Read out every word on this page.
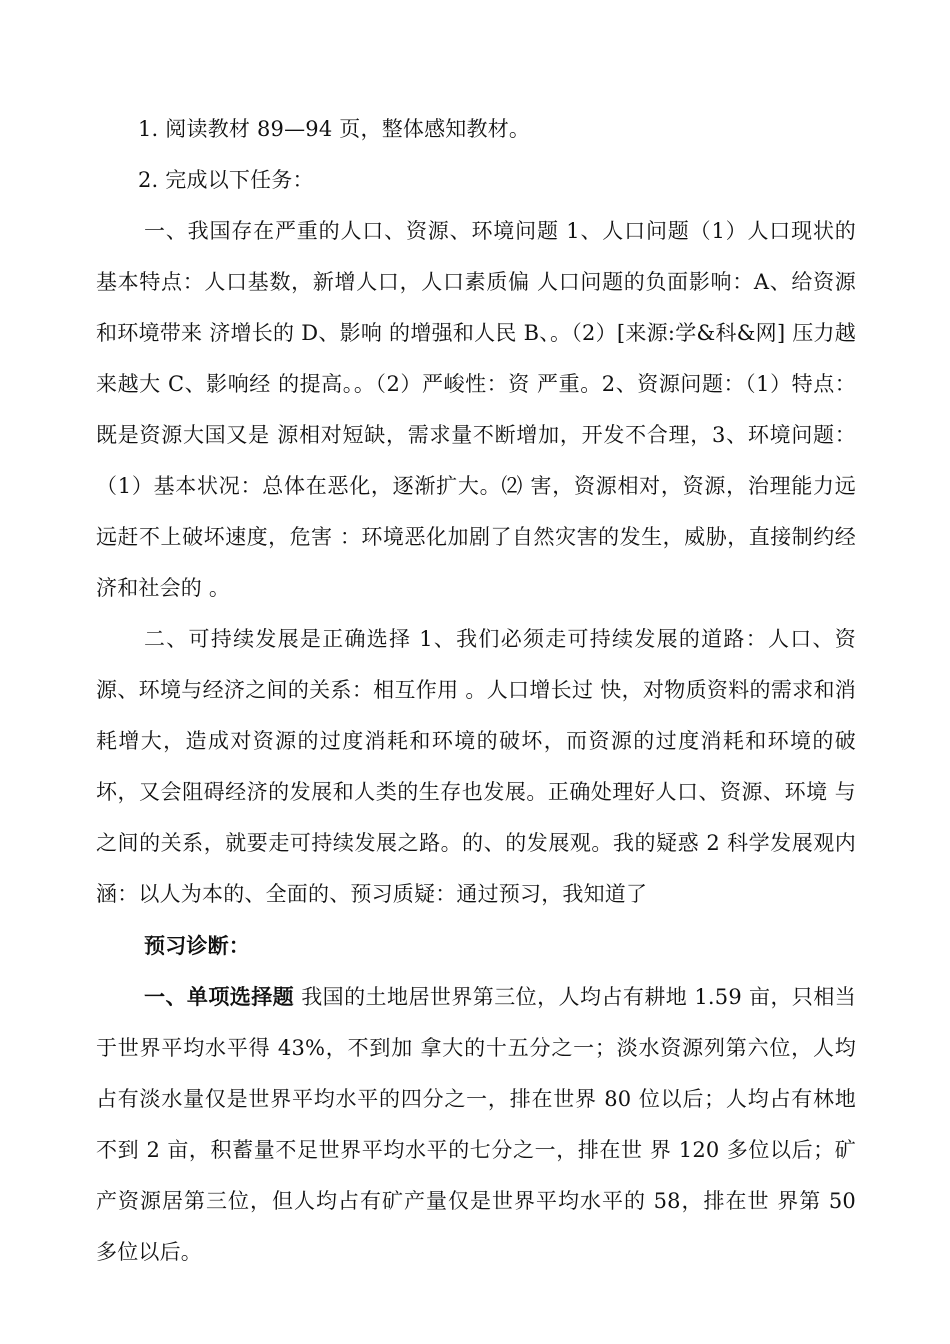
1. 阅读教材 89—94 页，整体感知教材。

2. 完成以下任务：

一、我国存在严重的人口、资源、环境问题 1、人口问题（1）人口现状的基本特点：人口基数，新增人口，人口素质偏 人口问题的负面影响：A、给资源和环境带来 济增长的 D、影响 的增强和人民 B、。（2）[来源:学&科&网] 压力越来越大 C、影响经 的提高。。（2）严峻性：资 严重。2、资源问题：（1）特点：既是资源大国又是 源相对短缺，需求量不断增加，开发不合理，3、环境问题：（1）基本状况：总体在恶化，逐渐扩大。⑵ 害，资源相对，资源，治理能力远远赶不上破坏速度，危害 ：环境恶化加剧了自然灾害的发生，威胁，直接制约经济和社会的 。

二、可持续发展是正确选择 1、我们必须走可持续发展的道路：人口、资源、环境与经济之间的关系：相互作用 。人口增长过 快，对物质资料的需求和消耗增大，造成对资源的过度消耗和环境的破坏，而资源的过度消耗和环境的破坏，又会阻碍经济的发展和人类的生存也发展。正确处理好人口、资源、环境 与 之间的关系，就要走可持续发展之路。的、的发展观。我的疑惑 2 科学发展观内涵：以人为本的、全面的、预习质疑：通过预习，我知道了

预习诊断：

一、单项选择题 我国的土地居世界第三位，人均占有耕地 1.59 亩，只相当于世界平均水平得 43%，不到加 拿大的十五分之一；淡水资源列第六位，人均占有淡水量仅是世界平均水平的四分之一，排在世界 80 位以后；人均占有林地不到 2 亩，积蓄量不足世界平均水平的七分之一，排在世 界 120 多位以后；矿产资源居第三位，但人均占有矿产量仅是世界平均水平的 58，排在世 界第 50 多位以后。
